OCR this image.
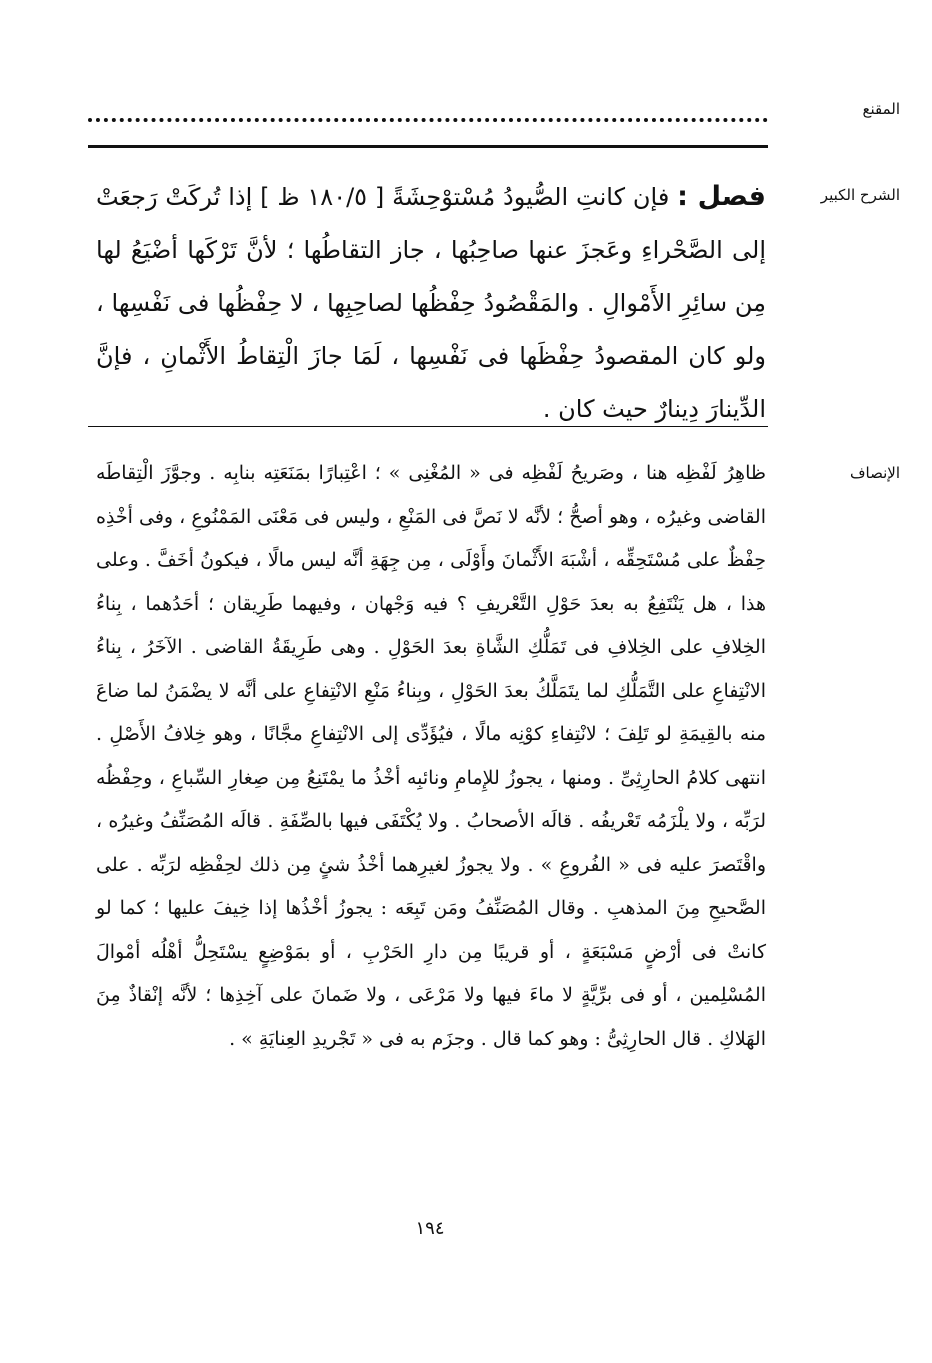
المقنع
الشرح الكبير
فصل : فإن كانتِ الصُّيودُ مُسْتوْحِشَةً [ ١٨٠/٥ ظ ] إذا تُركَتْ رَجعَتْ إلى الصَّحْراءِ وعَجزَ عنها صاحِبُها ، جاز التقاطُها ؛ لأنَّ تَرْكَها أضْيَعُ لها مِن سائِرِ الأَمْوالِ . والمَقْصُودُ حِفْظُها لصاحِبِها ، لا حِفْظُها فى نَفْسِها ، ولو كان المقصودُ حِفْظَها فى نَفْسِها ، لَمَا جازَ الْتِقاطُ الأَثْمانِ ، فإنَّ الدِّينارَ دِينارٌ حيث كان .
الإنصاف
ظاهِرُ لَفْظِه هنا ، وصَريحُ لَفْظِه فى « المُغْنِى » ؛ اعْتِبارًا بمَنَعَتِه بنابِه . وجوَّزَ الْتِقاطَه القاضى وغيرُه ، وهو أصحُّ ؛ لأنَّه لا نَصَّ فى المَنْعِ ، وليس فى مَعْنَى المَمْنُوعِ ، وفى أخْذِه حِفْظٌ على مُسْتَحِقِّه ، أشْبَهَ الأَثْمانَ وأَوْلَى ، مِن جِهَةِ أنَّه ليس مالًا ، فيكونُ أخَفَّ . وعلى هذا ، هل يَنْتَفِعُ به بعدَ حَوْلِ التَّعْريفِ ؟ فيه وَجْهان ، وفيهما طَرِيقان ؛ أحَدُهما ، بِناءُ الخِلافِ على الخِلافِ فى تَمَلُّكِ الشَّاةِ بعدَ الحَوْلِ . وهى طَرِيقَةُ القاضى . الآخَرُ ، بِناءُ الانْتِفاعِ على التَّمَلُّكِ لما يتَمَلَّكُ بعدَ الحَوْلِ ، وبِناءُ مَنْعِ الانْتِفاعِ على أنَّه لا يضْمَنُ لما ضاعَ منه بالقِيمَةِ لو تَلِفَ ؛ لانْتِفاءِ كوْنِه مالًا ، فيُؤَدِّى إلى الانْتِفاعِ مجَّانًا ، وهو خِلافُ الأَصْلِ . انتهى كلامُ الحارِثِىِّ . ومنها ، يجوزُ للإِمامِ ونائبِه أخْذُ ما يمْتَنِعُ مِن صِغارِ السِّباعِ ، وحِفْظُه لرَبِّه ، ولا يلْزَمُه تَعْريفُه . قالَه الأصحابُ . ولا يُكْتَفَى فيها بالصِّفَةِ . قالَه المُصَنِّفُ وغيرُه ، واقْتَصرَ عليه فى « الفُروعِ » . ولا يجوزُ لغيرِهما أخْذُ شئٍ مِن ذلك لحِفْظِه لرَبِّه . على الصَّحيحِ مِنَ المذهبِ . وقال المُصَنِّفُ ومَن تَبِعَه : يجوزُ أخْذُها إذا خِيفَ عليها ؛ كما لو كانتْ فى أرْضٍ مَسْبَعَةٍ ، أو قريبًا مِن دارِ الحَرْبِ ، أو بمَوْضِعٍ يسْتَحِلُّ أهْلُه أمْوالَ المُسْلِمين ، أو فى برِّيَّةٍ لا ماءَ فيها ولا مَرْعَى ، ولا ضَمانَ على آخِذِها ؛ لأنَّه إنْقاذٌ مِنَ الهَلاكِ . قال الحارِثِىُّ : وهو كما قال . وجزَم به فى « تَجْريدِ العِنايَةِ » .
١٩٤
